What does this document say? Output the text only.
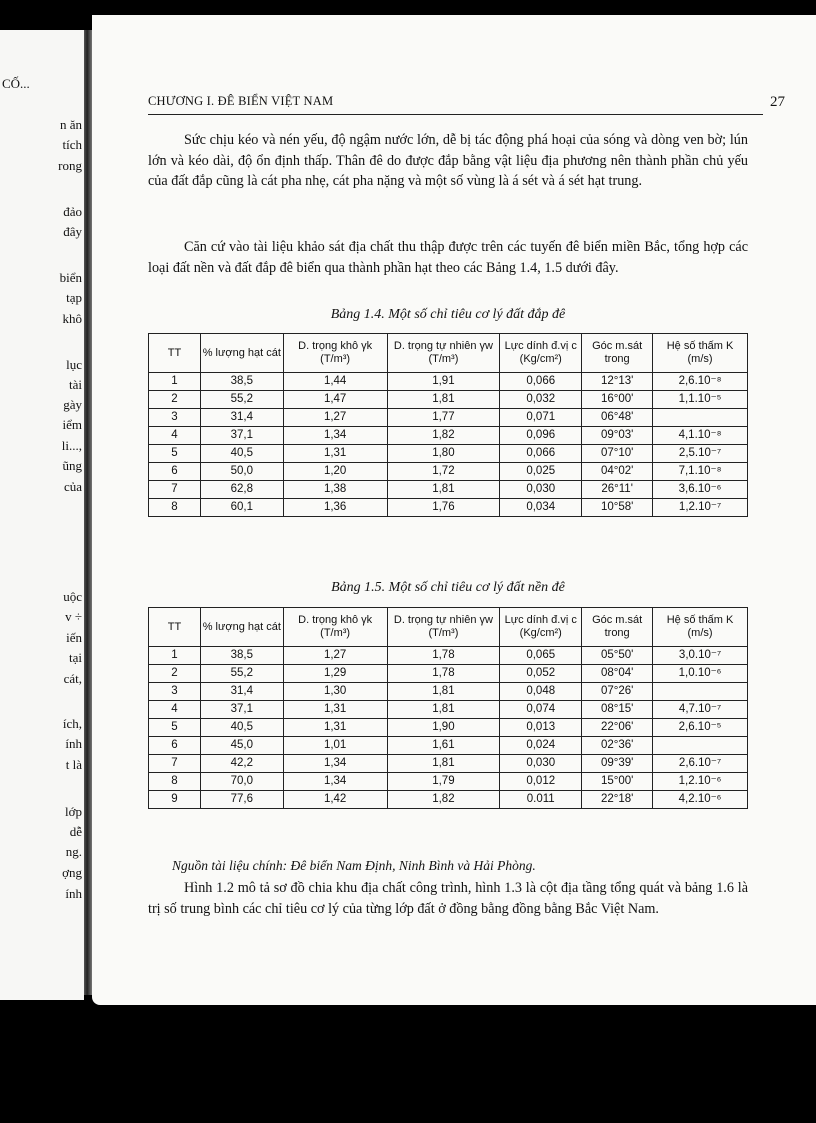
CỐ...
n ăn
tích
rong
đảo
đây
biển
tạp
khô
lục
tài
gày
iểm
li...,
ũng
của
uộc
v ÷
iến
tại
cát,
ích,
ính
t là
lớp
dễ
ng.
ợng
ính
CHƯƠNG I. ĐÊ BIỂN VIỆT NAM	27

Sức chịu kéo và nén yếu, độ ngậm nước lớn, dễ bị tác động phá hoại của sóng và dòng ven bờ; lún lớn và kéo dài, độ ổn định thấp. Thân đê do được đắp bằng vật liệu địa phương nên thành phần chủ yếu của đất đắp cũng là cát pha nhẹ, cát pha nặng và một số vùng là á sét và á sét hạt trung.

Căn cứ vào tài liệu khảo sát địa chất thu thập được trên các tuyến đê biển miền Bắc, tổng hợp các loại đất nền và đất đắp đê biển qua thành phần hạt theo các Bảng 1.4, 1.5 dưới đây.

Bảng 1.4. Một số chỉ tiêu cơ lý đất đắp đê
TT	% lượng hạt cát	D. trọng khô γk (T/m³)	D. trọng tự nhiên γw (T/m³)	Lực dính đ.vị c (Kg/cm²)	Góc m.sát trong	Hệ số thấm K (m/s)
1	38,5	1,44	1,91	0,066	12°13'	2,6.10⁻⁸
2	55,2	1,47	1,81	0,032	16°00'	1,1.10⁻⁵
3	31,4	1,27	1,77	0,071	06°48'	
4	37,1	1,34	1,82	0,096	09°03'	4,1.10⁻⁸
5	40,5	1,31	1,80	0,066	07°10'	2,5.10⁻⁷
6	50,0	1,20	1,72	0,025	04°02'	7,1.10⁻⁸
7	62,8	1,38	1,81	0,030	26°11'	3,6.10⁻⁶
8	60,1	1,36	1,76	0,034	10°58'	1,2.10⁻⁷
Bảng 1.5. Một số chỉ tiêu cơ lý đất nền đê
TT	% lượng hạt cát	D. trọng khô γk (T/m³)	D. trọng tự nhiên γw (T/m³)	Lực dính đ.vị c (Kg/cm²)	Góc m.sát trong	Hệ số thấm K (m/s)
1	38,5	1,27	1,78	0,065	05°50'	3,0.10⁻⁷
2	55,2	1,29	1,78	0,052	08°04'	1,0.10⁻⁶
3	31,4	1,30	1,81	0,048	07°26'	
4	37,1	1,31	1,81	0,074	08°15'	4,7.10⁻⁷
5	40,5	1,31	1,90	0,013	22°06'	2,6.10⁻⁵
6	45,0	1,01	1,61	0,024	02°36'	
7	42,2	1,34	1,81	0,030	09°39'	2,6.10⁻⁷
8	70,0	1,34	1,79	0,012	15°00'	1,2.10⁻⁶
9	77,6	1,42	1,82	0.011	22°18'	4,2.10⁻⁶
Nguồn tài liệu chính: Đê biển Nam Định, Ninh Bình và Hải Phòng.

Hình 1.2 mô tả sơ đồ chia khu địa chất công trình, hình 1.3 là cột địa tầng tổng quát và bảng 1.6 là trị số trung bình các chỉ tiêu cơ lý của từng lớp đất ở đồng bằng đồng bằng Bắc Việt Nam.
